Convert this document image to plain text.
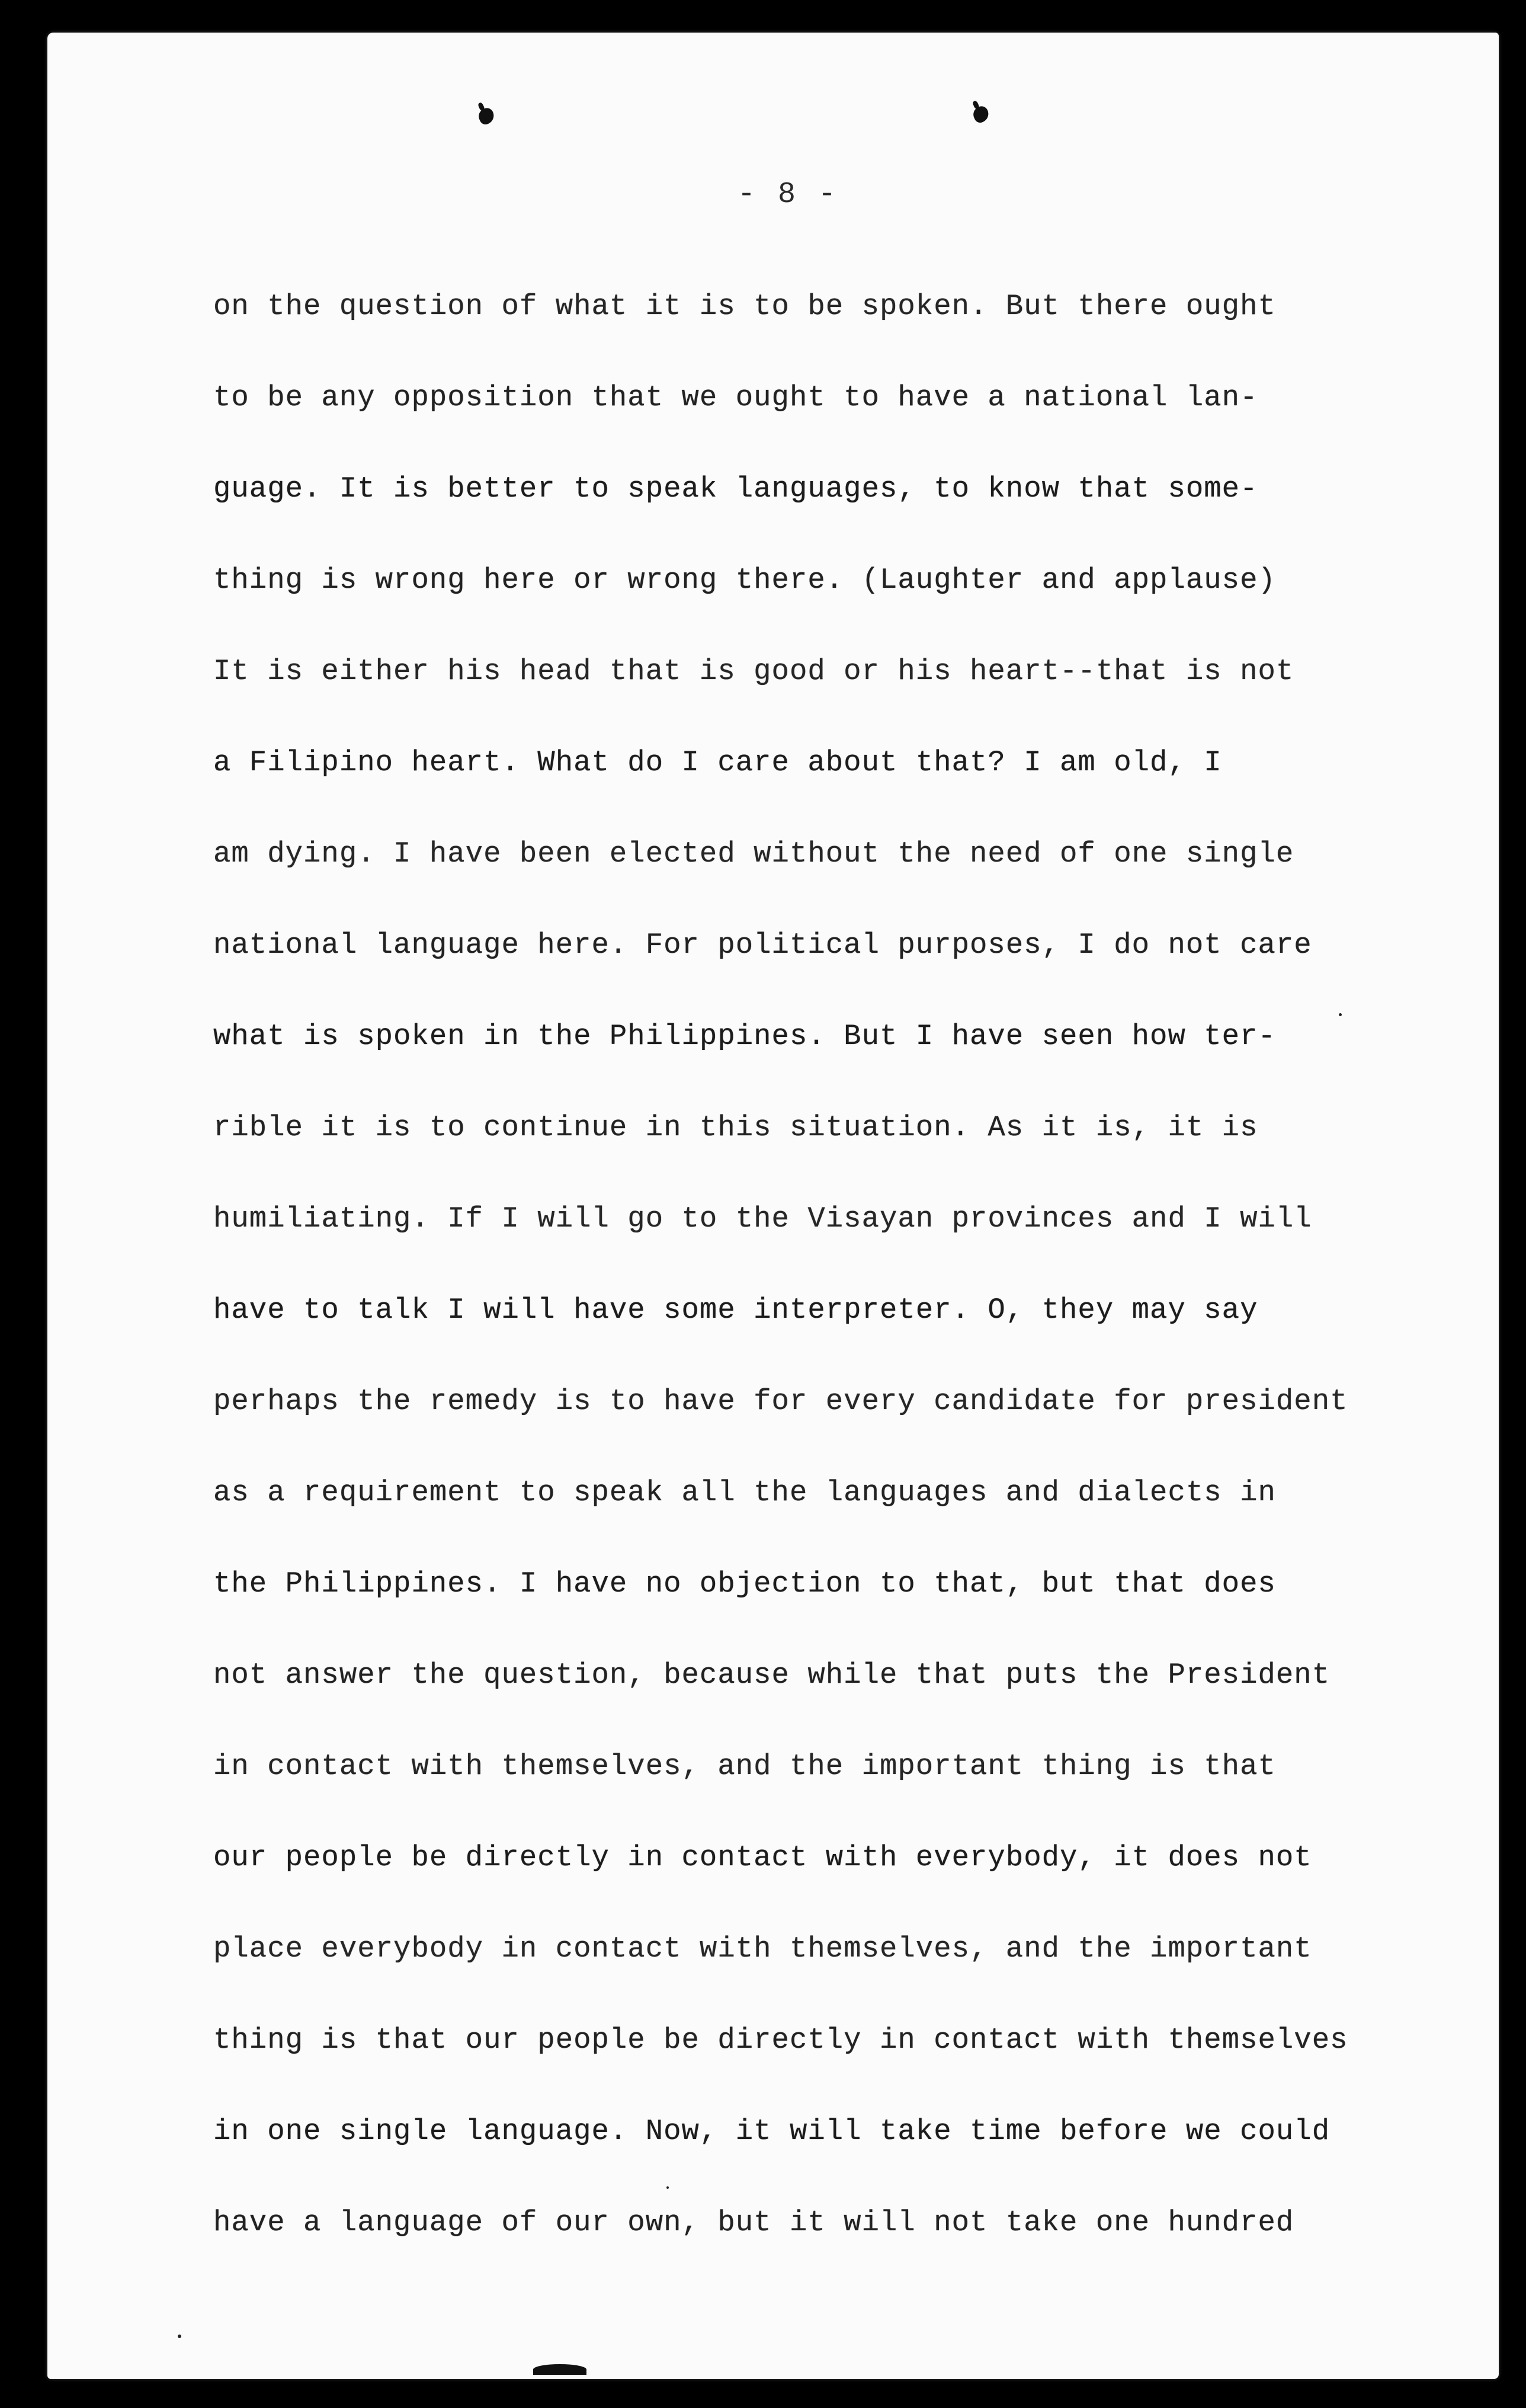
- 8 -
on the question of what it is to be spoken. But there ought
to be any opposition that we ought to have a national lan-
guage. It is better to speak languages, to know that some-
thing is wrong here or wrong there. (Laughter and applause)
It is either his head that is good or his heart--that is not
a Filipino heart. What do I care about that? I am old, I
am dying. I have been elected without the need of one single
national language here. For political purposes, I do not care
what is spoken in the Philippines. But I have seen how ter-
rible it is to continue in this situation. As it is, it is
humiliating. If I will go to the Visayan provinces and I will
have to talk I will have some interpreter. O, they may say
perhaps the remedy is to have for every candidate for president
as a requirement to speak all the languages and dialects in
the Philippines. I have no objection to that, but that does
not answer the question, because while that puts the President
in contact with themselves, and the important thing is that
our people be directly in contact with everybody, it does not
place everybody in contact with themselves, and the important
thing is that our people be directly in contact with themselves
in one single language. Now, it will take time before we could
have a language of our own, but it will not take one hundred
